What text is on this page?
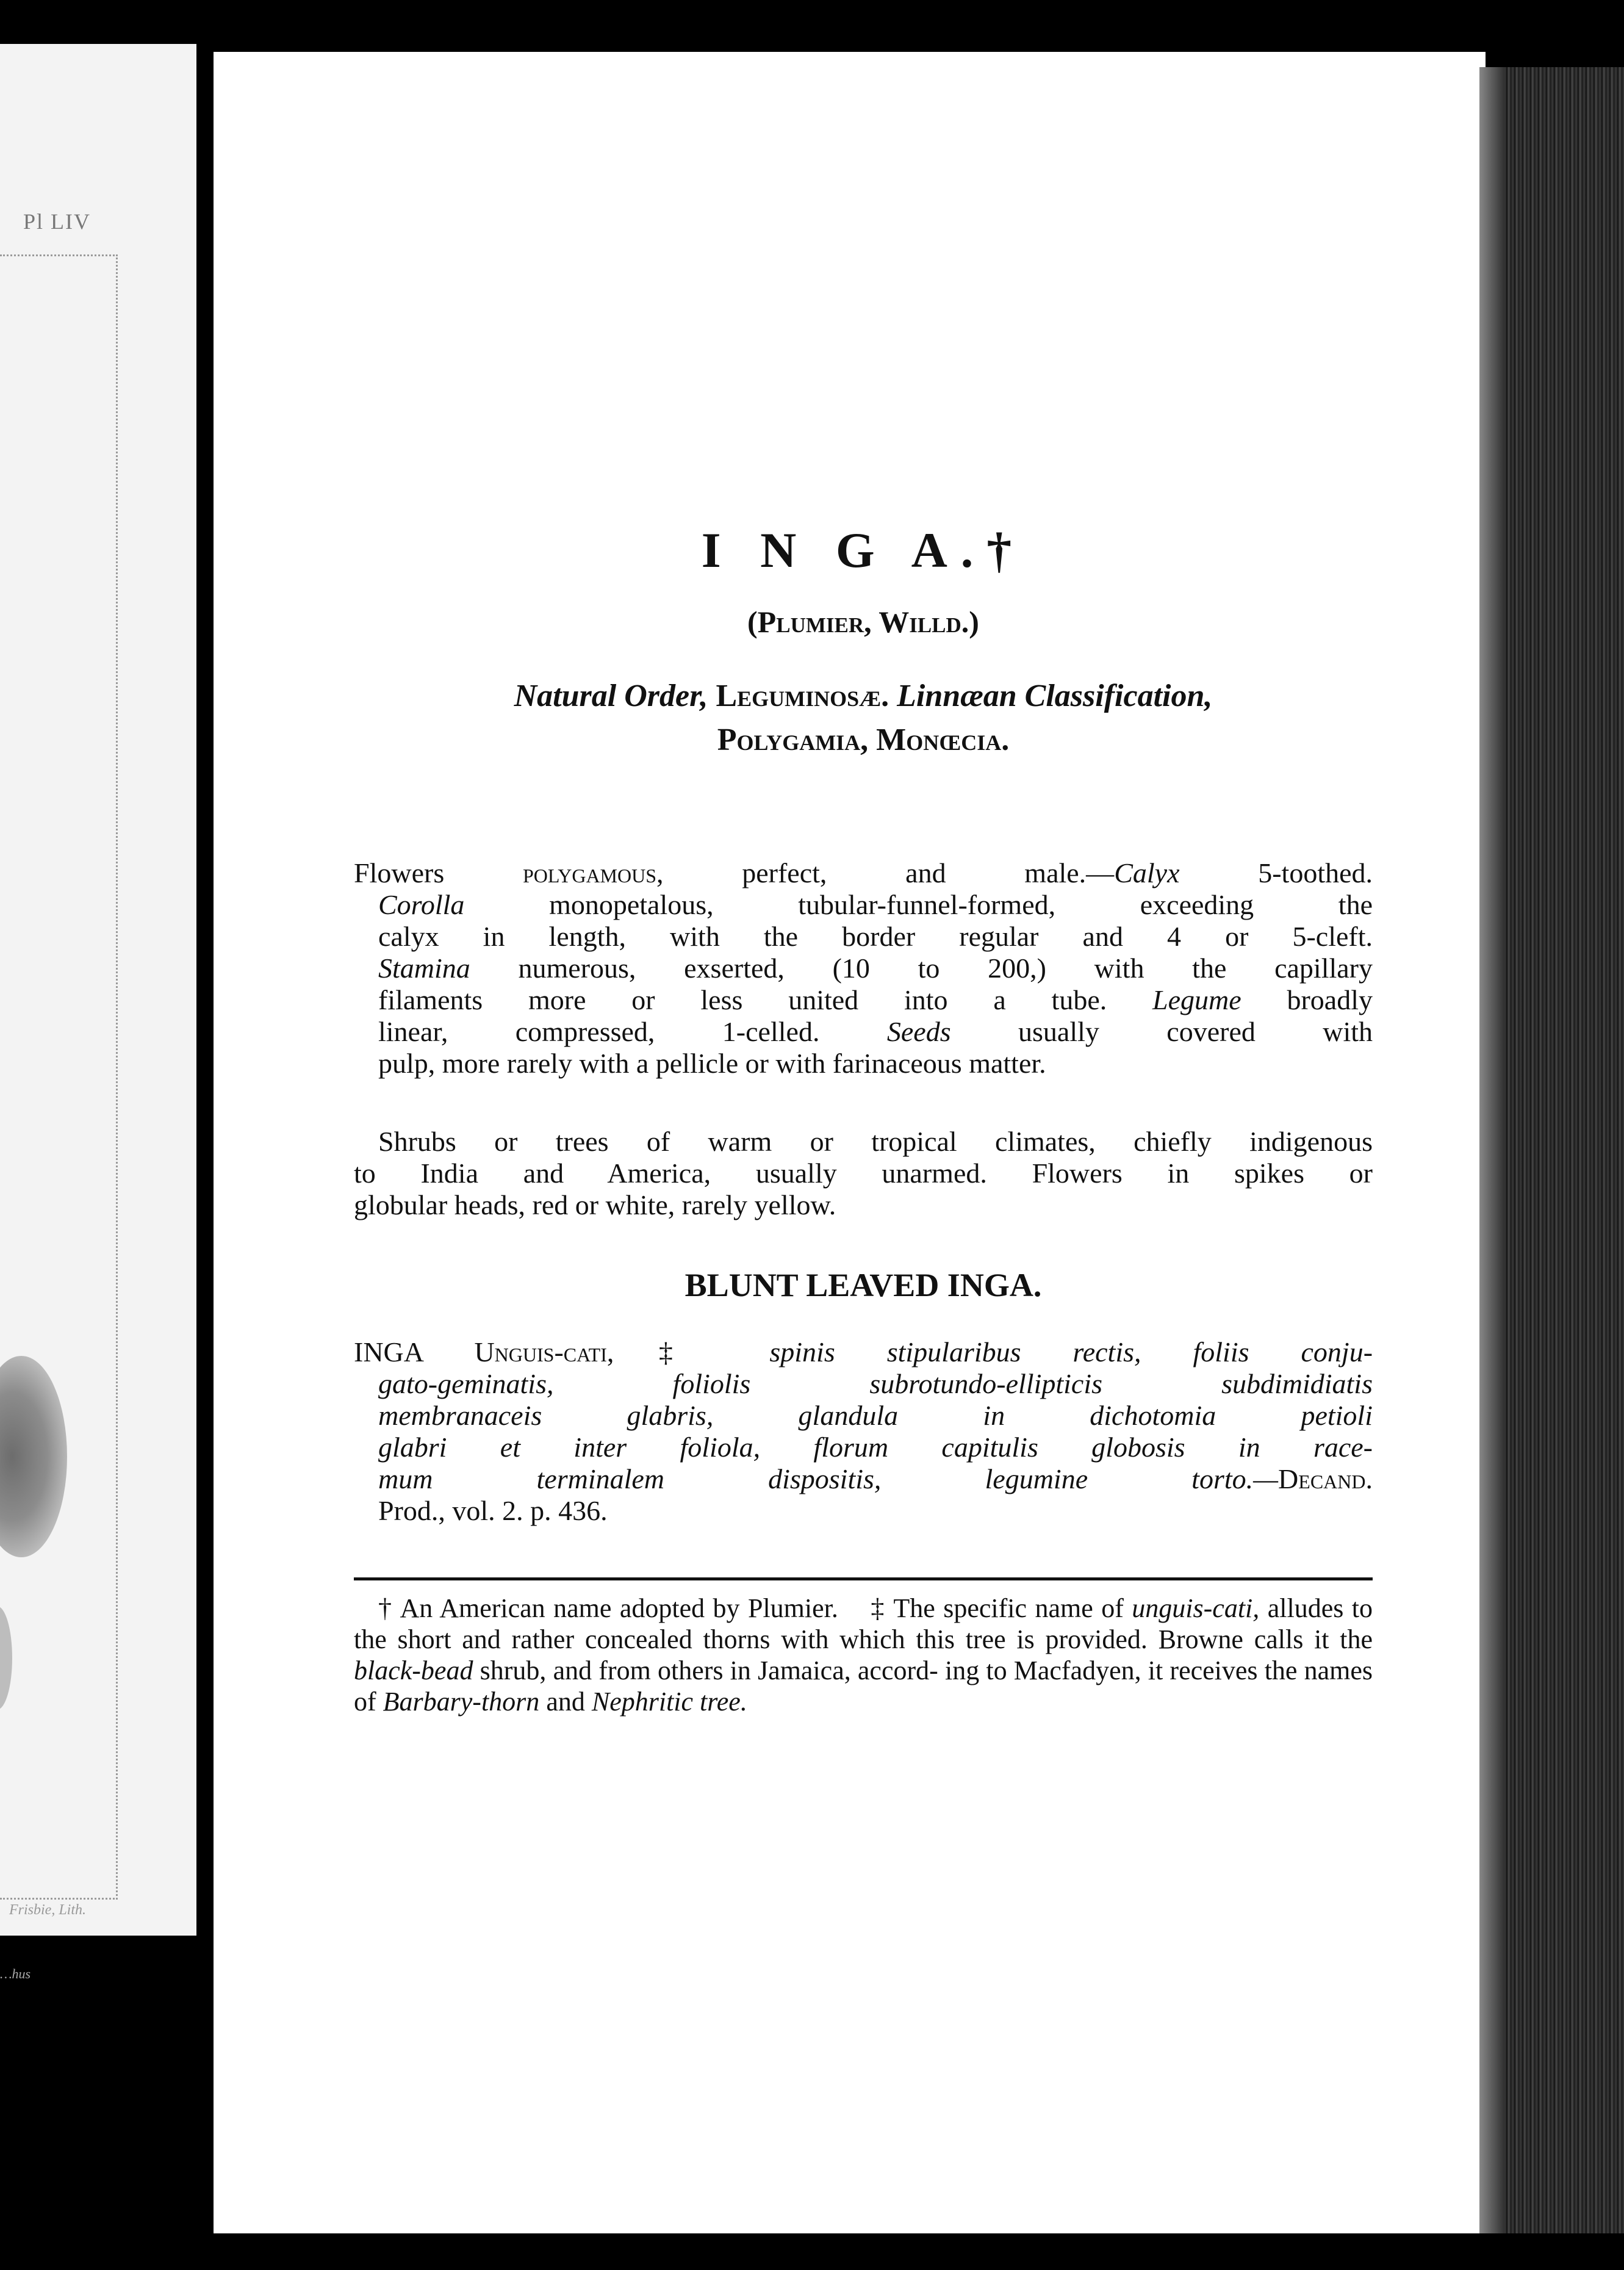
Pl LIV
Frisbie, Lith.
…hus
I N G A.†
(Plumier, Willd.)
Natural Order, Leguminosæ. Linnæan Classification,
Polygamia, Monœcia.
Flowers	polygamous,	perfect, and male.—Calyx	5-toothed.
Corolla	monopetalous, tubular-funnel-formed, exceeding the
calyx in length, with the border regular and 4 or 5-cleft.
Stamina numerous, exserted, (10 to 200,) with the capillary
filaments more or less united into a tube. Legume broadly
linear, compressed, 1-celled. Seeds usually covered with
pulp, more rarely with a pellicle or with farinaceous matter.
Shrubs or trees of warm or tropical climates, chiefly indigenous
to India and America, usually unarmed. Flowers in spikes or
globular heads, red or white, rarely yellow.
BLUNT LEAVED INGA.
INGA Unguis-cati,‡ spinis stipularibus rectis, foliis conju-
gato-geminatis, foliolis subrotundo-ellipticis subdimidiatis
membranaceis glabris, glandula in dichotomia petioli
glabri et inter foliola, florum capitulis globosis in race-
mum terminalem dispositis, legumine torto.—Decand.
Prod., vol. 2. p. 436.
† An American name adopted by Plumier. ‡ The specific name of unguis-cati, alludes to the short and rather concealed thorns with which this tree is provided. Browne calls it the black-bead shrub, and from others in Jamaica, accord- ing to Macfadyen, it receives the names of Barbary-thorn and Nephritic tree.
